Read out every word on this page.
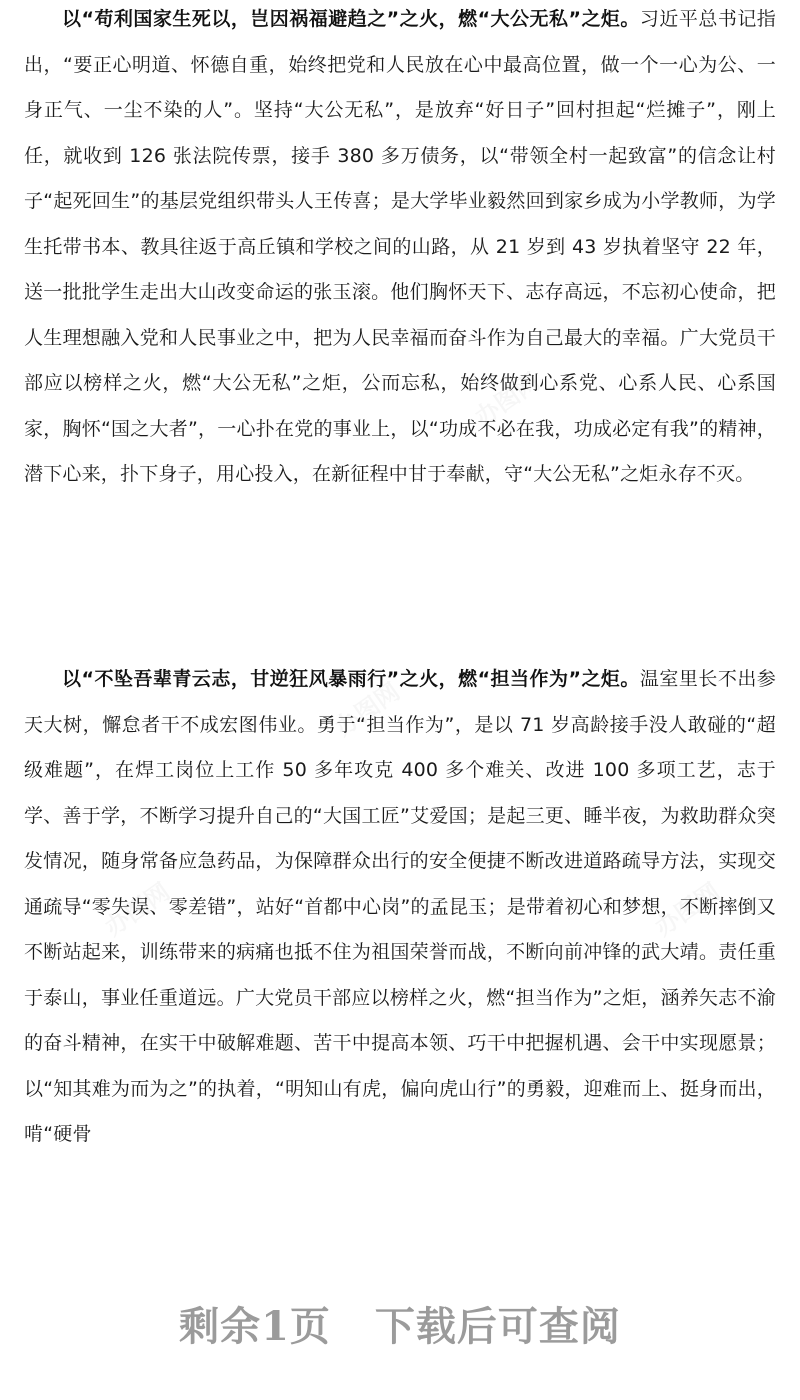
以“苟利国家生死以，岂因祸福避趋之”之火，燃“大公无私”之炬。习近平总书记指出，“要正心明道、怀德自重，始终把党和人民放在心中最高位置，做一个一心为公、一身正气、一尘不染的人”。坚持“大公无私”，是放弃“好日子”回村担起“烂摊子”，刚上任，就收到 126 张法院传票，接手 380 多万债务，以“带领全村一起致富”的信念让村子“起死回生”的基层党组织带头人王传喜；是大学毕业毅然回到家乡成为小学教师，为学生托带书本、教具往返于高丘镇和学校之间的山路，从 21 岁到 43 岁执着坚守 22 年，送一批批学生走出大山改变命运的张玉滚。他们胸怀天下、志存高远，不忘初心使命，把人生理想融入党和人民事业之中，把为人民幸福而奋斗作为自己最大的幸福。广大党员干部应以榜样之火，燃“大公无私”之炬，公而忘私，始终做到心系党、心系人民、心系国家，胸怀“国之大者”，一心扑在党的事业上，以“功成不必在我，功成必定有我”的精神，潜下心来，扑下身子，用心投入，在新征程中甘于奉献，守“大公无私”之炬永存不灭。

以“不坠吾辈青云志，甘逆狂风暴雨行”之火，燃“担当作为”之炬。温室里长不出参天大树，懈怠者干不成宏图伟业。勇于“担当作为”，是以 71 岁高龄接手没人敢碰的“超级难题”，在焊工岗位上工作 50 多年攻克 400 多个难关、改进 100 多项工艺，志于学、善于学，不断学习提升自己的“大国工匠”艾爱国；是起三更、睡半夜，为救助群众突发情况，随身常备应急药品，为保障群众出行的安全便捷不断改进道路疏导方法，实现交通疏导“零失误、零差错”，站好“首都中心岗”的孟昆玉；是带着初心和梦想，不断摔倒又不断站起来，训练带来的病痛也抵不住为祖国荣誉而战，不断向前冲锋的武大靖。责任重于泰山，事业任重道远。广大党员干部应以榜样之火，燃“担当作为”之炬，涵养矢志不渝的奋斗精神，在实干中破解难题、苦干中提高本领、巧干中把握机遇、会干中实现愿景；以“知其难为而为之”的执着，“明知山有虎，偏向虎山行”的勇毅，迎难而上、挺身而出，啃“硬骨

剩余1页 下载后可查阅
